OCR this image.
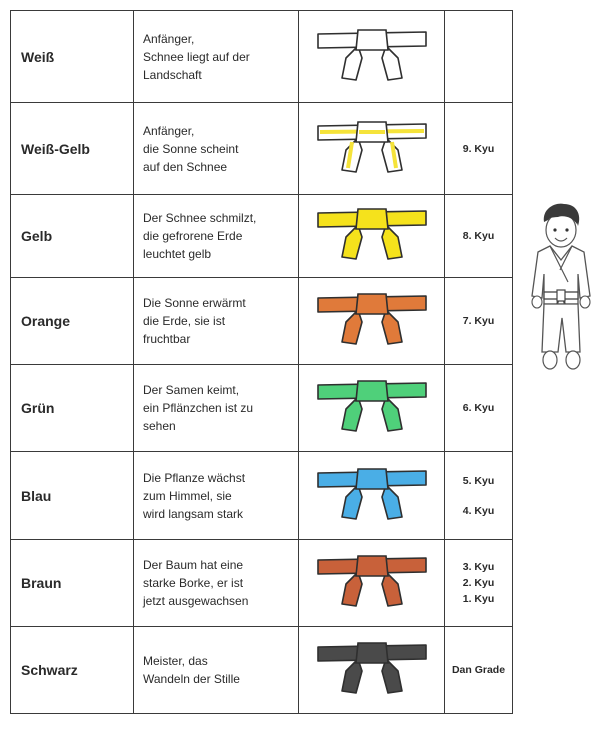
Weiß	Anfänger,
Schnee liegt auf der
Landschaft	

Weiß-Gelb	Anfänger,
die Sonne scheint
auf den Schnee		9. Kyu

Gelb	Der Schnee schmilzt,
die gefrorene Erde
leuchtet gelb		8. Kyu

Orange	Die Sonne erwärmt
die Erde, sie ist
fruchtbar		7. Kyu

Grün	Der Samen keimt,
ein Pflänzchen ist zu
sehen		6. Kyu

Blau	Die Pflanze wächst
zum Himmel, sie
wird langsam stark		5. Kyu
4. Kyu

Braun	Der Baum hat eine
starke Borke, er ist
jetzt ausgewachsen		3. Kyu
2. Kyu
1. Kyu

Schwarz	Meister, das
Wandeln der Stille		Dan Grade
